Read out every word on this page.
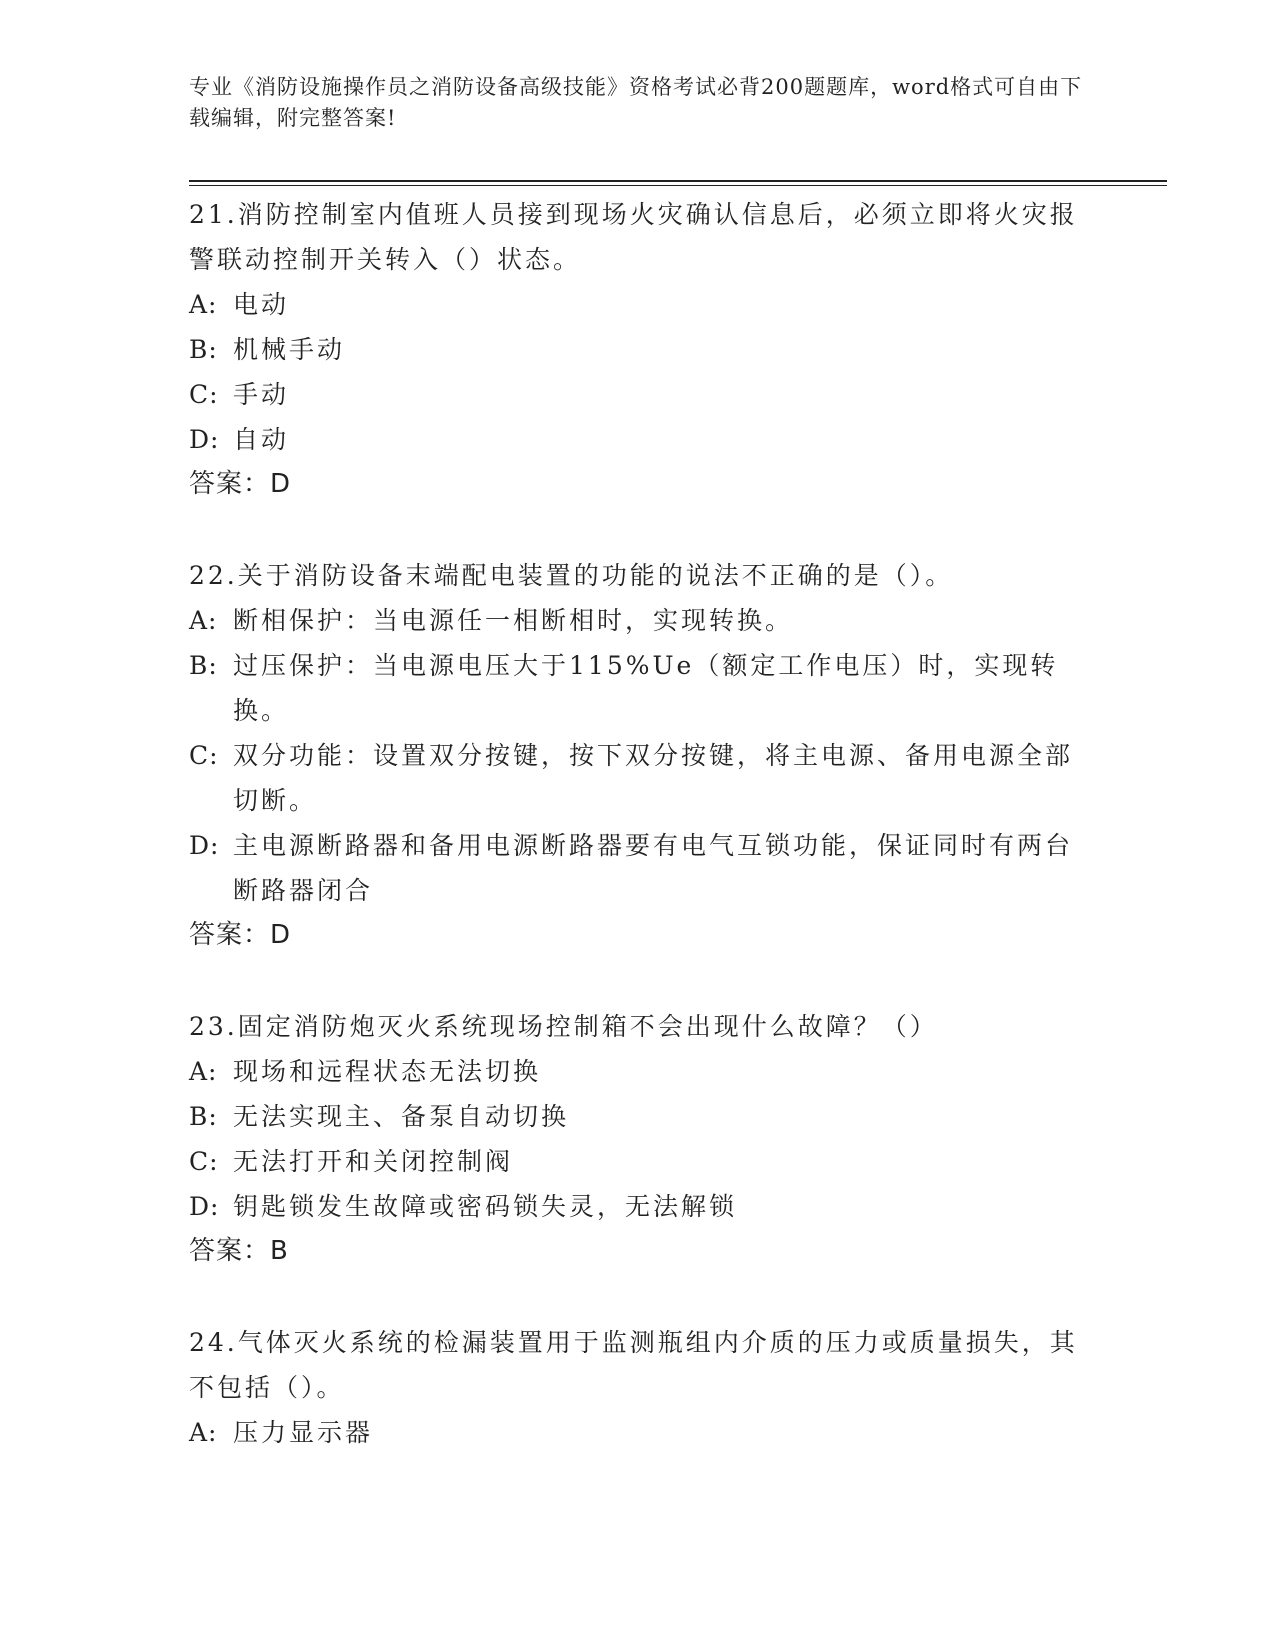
专业《消防设施操作员之消防设备高级技能》资格考试必背200题题库，word格式可自由下载编辑，附完整答案!
21.消防控制室内值班人员接到现场火灾确认信息后，必须立即将火灾报警联动控制开关转入（）状态。
A: 电动
B: 机械手动
C: 手动
D: 自动
答案：D
22.关于消防设备末端配电装置的功能的说法不正确的是（）。
A: 断相保护：当电源任一相断相时，实现转换。
B: 过压保护：当电源电压大于115%Ue（额定工作电压）时，实现转换。
C: 双分功能：设置双分按键，按下双分按键，将主电源、备用电源全部切断。
D: 主电源断路器和备用电源断路器要有电气互锁功能，保证同时有两台断路器闭合
答案：D
23.固定消防炮灭火系统现场控制箱不会出现什么故障？（）
A: 现场和远程状态无法切换
B: 无法实现主、备泵自动切换
C: 无法打开和关闭控制阀
D: 钥匙锁发生故障或密码锁失灵，无法解锁
答案：B
24.气体灭火系统的检漏装置用于监测瓶组内介质的压力或质量损失，其不包括（）。
A: 压力显示器
